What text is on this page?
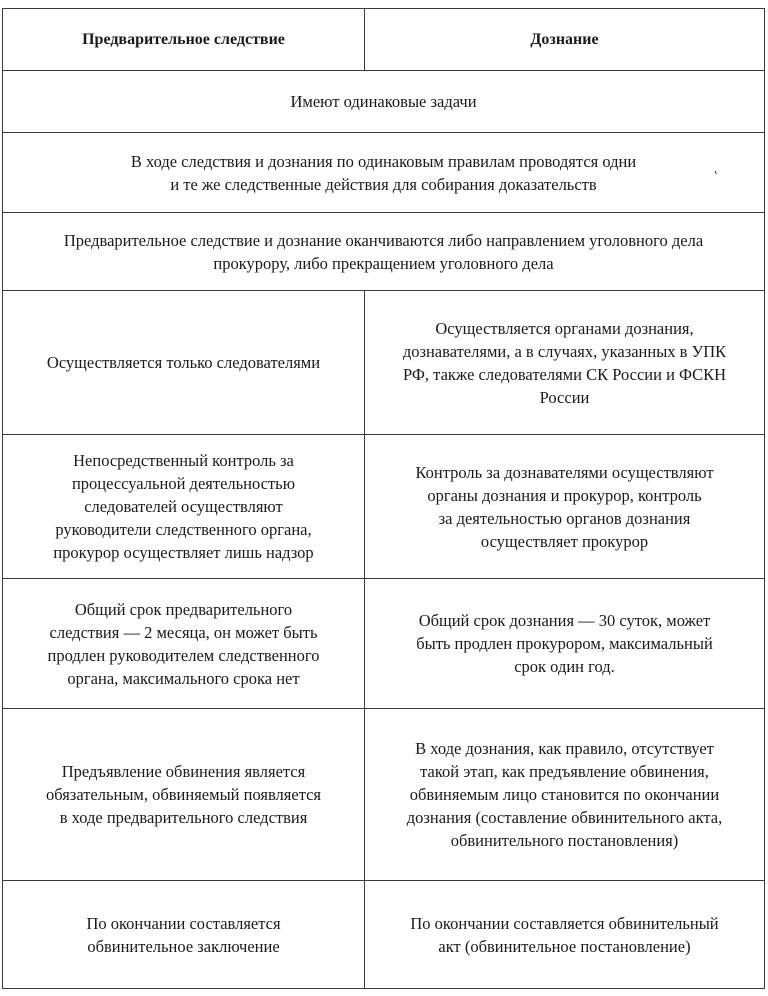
Предварительное следствие	Дознание

Имеют одинаковые задачи	

В ходе следствия и дознания по одинаковым правилам проводятся одни
и те же следственные действия для собирания доказательств	

Предварительное следствие и дознание оканчиваются либо направлением уголовного дела
прокурору, либо прекращением уголовного дела	

Осуществляется только следователями	Осуществляется органами дознания,
дознавателями, а в случаях, указанных в УПК
РФ, также следователями СК России и ФСКН
России

Непосредственный контроль за
процессуальной деятельностью
следователей осуществляют
руководители следственного органа,
прокурор осуществляет лишь надзор	Контроль за дознавателями осуществляют
органы дознания и прокурор, контроль
за деятельностью органов дознания
осуществляет прокурор

Общий срок предварительного
следствия — 2 месяца, он может быть
продлен руководителем следственного
органа, максимального срока нет	Общий срок дознания — 30 суток, может
быть продлен прокурором, максимальный
срок один год.

Предъявление обвинения является
обязательным, обвиняемый появляется
в ходе предварительного следствия	В ходе дознания, как правило, отсутствует
такой этап, как предъявление обвинения,
обвиняемым лицо становится по окончании
дознания (составление обвинительного акта,
обвинительного постановления)

По окончании составляется
обвинительное заключение	По окончании составляется обвинительный
акт (обвинительное постановление)
˛
